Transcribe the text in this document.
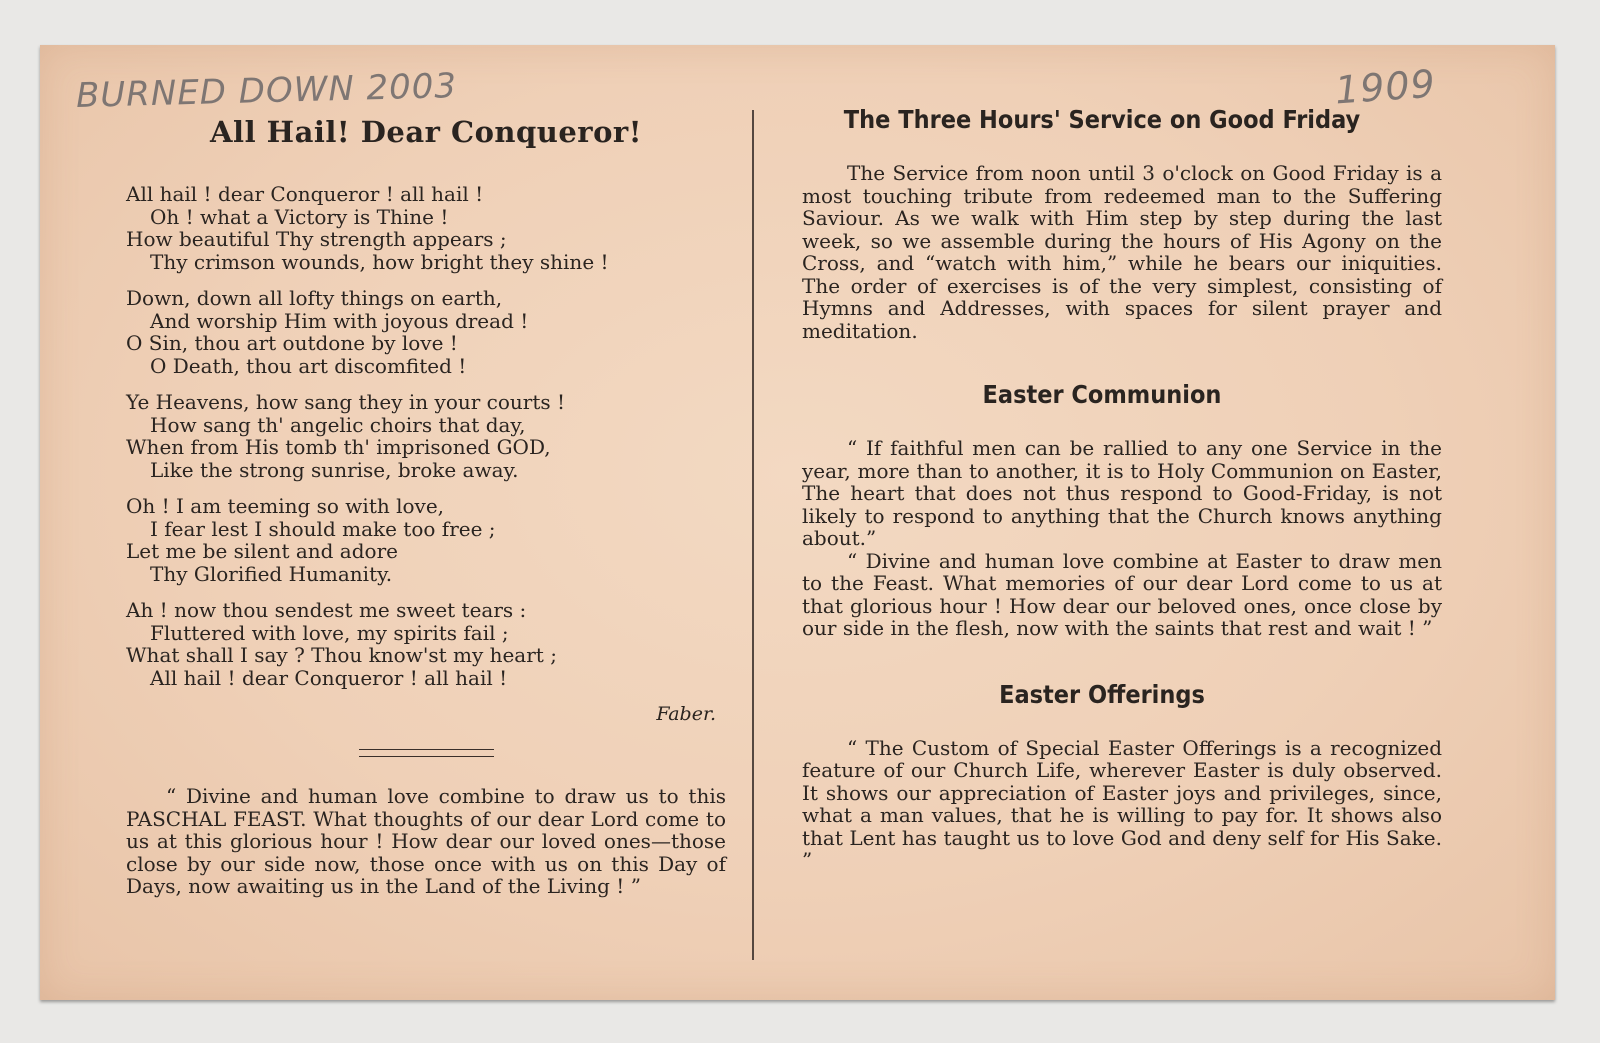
BURNED DOWN 2003	1909
All Hail! Dear Conqueror!
All hail ! dear Conqueror ! all hail !
Oh ! what a Victory is Thine !
How beautiful Thy strength appears ;
Thy crimson wounds, how bright they shine !
Down, down all lofty things on earth,
And worship Him with joyous dread !
O Sin, thou art outdone by love !
O Death, thou art discomfited !
Ye Heavens, how sang they in your courts !
How sang th' angelic choirs that day,
When from His tomb th' imprisoned GOD,
Like the strong sunrise, broke away.
Oh ! I am teeming so with love,
I fear lest I should make too free ;
Let me be silent and adore
Thy Glorified Humanity.
Ah ! now thou sendest me sweet tears :
Fluttered with love, my spirits fail ;
What shall I say ? Thou know'st my heart ;
All hail ! dear Conqueror ! all hail !
Faber.

“ Divine and human love combine to draw us to this PASCHAL FEAST. What thoughts of our dear Lord come to us at this glorious hour ! How dear our loved ones—those close by our side now, those once with us on this Day of Days, now awaiting us in the Land of the Living ! ”

The Three Hours' Service on Good Friday

The Service from noon until 3 o'clock on Good Friday is a most touching tribute from redeemed man to the Suffering Saviour. As we walk with Him step by step during the last week, so we assemble during the hours of His Agony on the Cross, and “watch with him,” while he bears our iniquities. The order of exercises is of the very simplest, consisting of Hymns and Addresses, with spaces for silent prayer and meditation.

Easter Communion

“ If faithful men can be rallied to any one Service in the year, more than to another, it is to Holy Communion on Easter, The heart that does not thus respond to Good-Friday, is not likely to respond to anything that the Church knows anything about.”

“ Divine and human love combine at Easter to draw men to the Feast. What memories of our dear Lord come to us at that glorious hour ! How dear our beloved ones, once close by our side in the flesh, now with the saints that rest and wait ! ”

Easter Offerings

“ The Custom of Special Easter Offerings is a recognized feature of our Church Life, wherever Easter is duly observed. It shows our appreciation of Easter joys and privileges, since, what a man values, that he is willing to pay for. It shows also that Lent has taught us to love God and deny self for His Sake. ”
